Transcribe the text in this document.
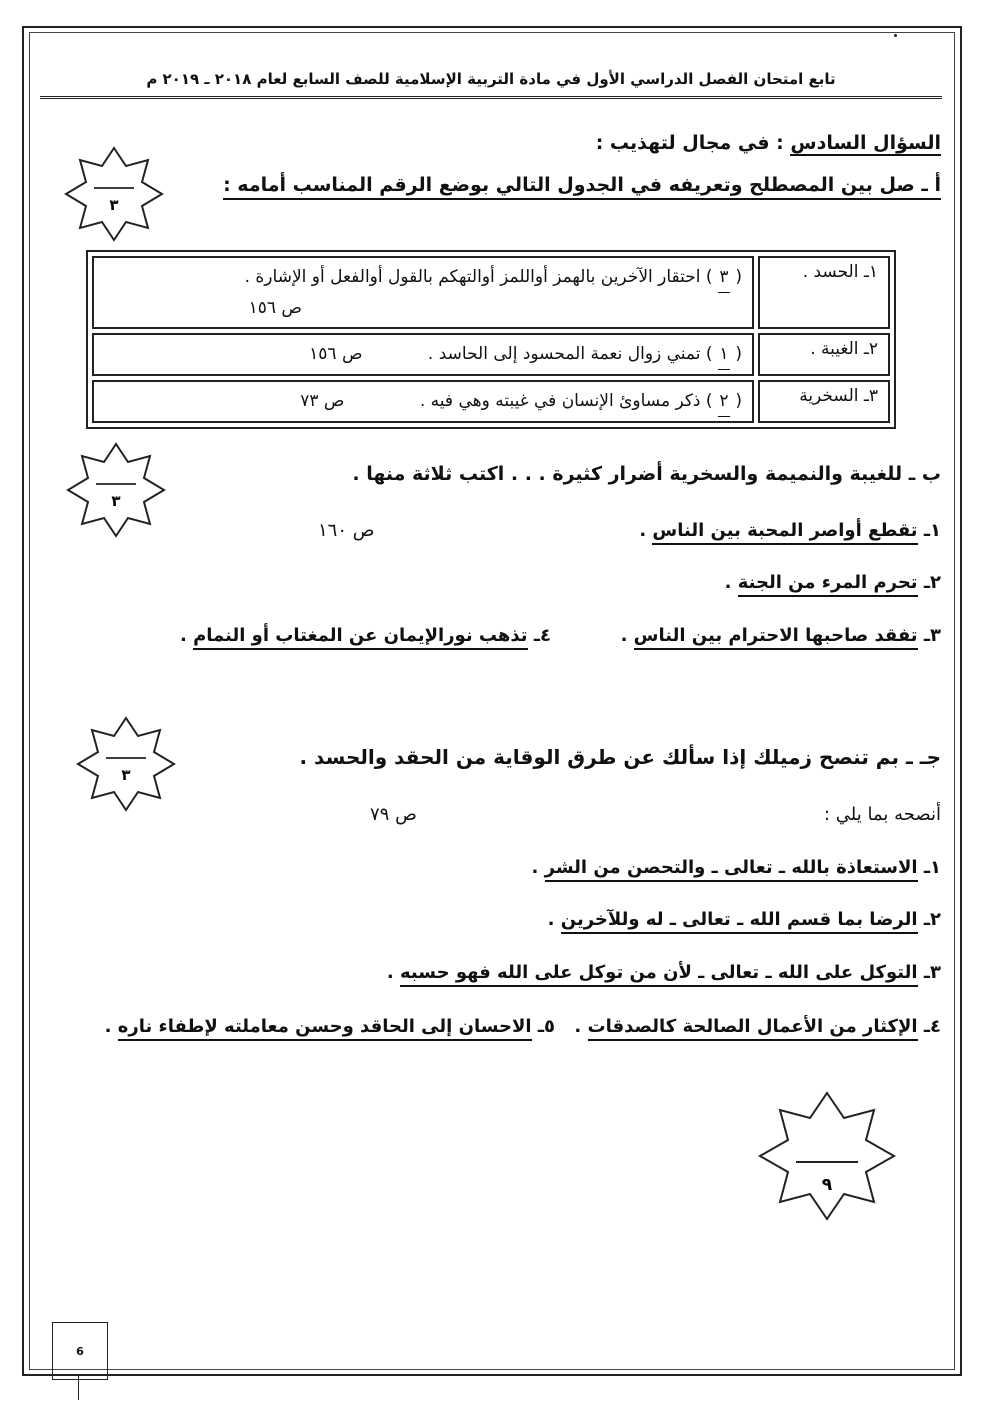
تابع امتحان الفصل الدراسي الأول في مادة التربية الإسلامية للصف السابع لعام ٢٠١٨ ـ ٢٠١٩ م
السؤال السادس : في مجال لتهذيب :
أ ـ صل بين المصطلح وتعريفه في الجدول التالي بوضع الرقم المناسب أمامه :
٣
١ـ الحسد .	( ٣ ) احتقار الآخرين بالهمز أواللمز أوالتهكم بالقول أوالفعل أو الإشارة .
ص ١٥٦
٢ـ الغيبة .	( ١ ) تمني زوال نعمة المحسود إلى الحاسد . ص ١٥٦
٣ـ السخرية	( ٢ ) ذكر مساوئ الإنسان في غيبته وهي فيه . ص ٧٣
٣
ب ـ للغيبة والنميمة والسخرية أضرار كثيرة . . . اكتب ثلاثة منها .
١ـ تقطع أواصر المحبة بين الناس .
ص ١٦٠
٢ـ تحرم المرء من الجنة .
٣ـ تفقد صاحبها الاحترام بين الناس .
٤ـ تذهب نورالإيمان عن المغتاب أو النمام .
٣
جـ ـ بم تنصح زميلك إذا سألك عن طرق الوقاية من الحقد والحسد .
أنصحه بما يلي :
ص ٧٩
١ـ الاستعاذة بالله ـ تعالى ـ والتحصن من الشر .
٢ـ الرضا بما قسم الله ـ تعالى ـ له وللآخرين .
٣ـ التوكل على الله ـ تعالى ـ لأن من توكل على الله فهو حسبه .
٤ـ الإكثار من الأعمال الصالحة كالصدقات .
٥ـ الاحسان إلى الحاقد وحسن معاملته لإطفاء ناره .
٩
6
